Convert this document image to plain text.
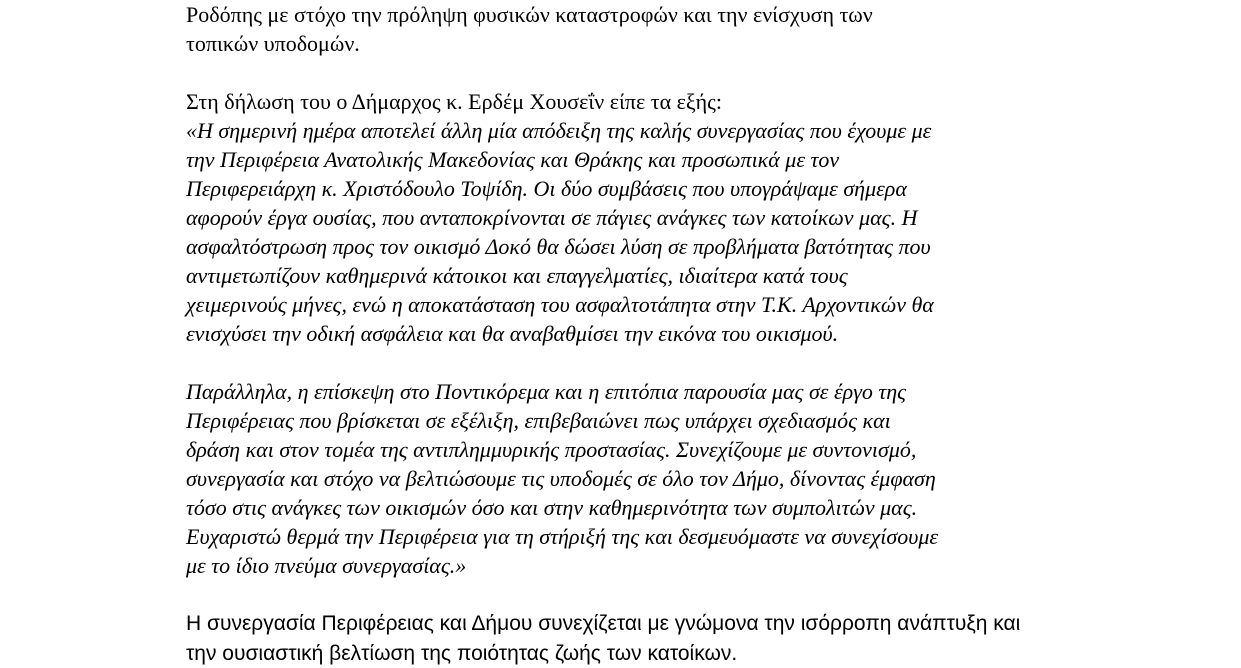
Ροδόπης με στόχο την πρόληψη φυσικών καταστροφών και την ενίσχυση των
τοπικών υποδομών.
Στη δήλωση του ο Δήμαρχος κ. Ερδέμ Χουσεΐν είπε τα εξής:
«Η σημερινή ημέρα αποτελεί άλλη μία απόδειξη της καλής συνεργασίας που έχουμε με
την Περιφέρεια Ανατολικής Μακεδονίας και Θράκης και προσωπικά με τον
Περιφερειάρχη κ. Χριστόδουλο Τοψίδη. Οι δύο συμβάσεις που υπογράψαμε σήμερα
αφορούν έργα ουσίας, που ανταποκρίνονται σε πάγιες ανάγκες των κατοίκων μας. Η
ασφαλτόστρωση προς τον οικισμό Δοκό θα δώσει λύση σε προβλήματα βατότητας που
αντιμετωπίζουν καθημερινά κάτοικοι και επαγγελματίες, ιδιαίτερα κατά τους
χειμερινούς μήνες, ενώ η αποκατάσταση του ασφαλτοτάπητα στην Τ.Κ. Αρχοντικών θα
ενισχύσει την οδική ασφάλεια και θα αναβαθμίσει την εικόνα του οικισμού.
Παράλληλα, η επίσκεψη στο Ποντικόρεμα και η επιτόπια παρουσία μας σε έργο της
Περιφέρειας που βρίσκεται σε εξέλιξη, επιβεβαιώνει πως υπάρχει σχεδιασμός και
δράση και στον τομέα της αντιπλημμυρικής προστασίας. Συνεχίζουμε με συντονισμό,
συνεργασία και στόχο να βελτιώσουμε τις υποδομές σε όλο τον Δήμο, δίνοντας έμφαση
τόσο στις ανάγκες των οικισμών όσο και στην καθημερινότητα των συμπολιτών μας.
Ευχαριστώ θερμά την Περιφέρεια για τη στήριξή της και δεσμευόμαστε να συνεχίσουμε
με το ίδιο πνεύμα συνεργασίας.»
Η συνεργασία Περιφέρειας και Δήμου συνεχίζεται με γνώμονα την ισόρροπη ανάπτυξη και
την ουσιαστική βελτίωση της ποιότητας ζωής των κατοίκων.
